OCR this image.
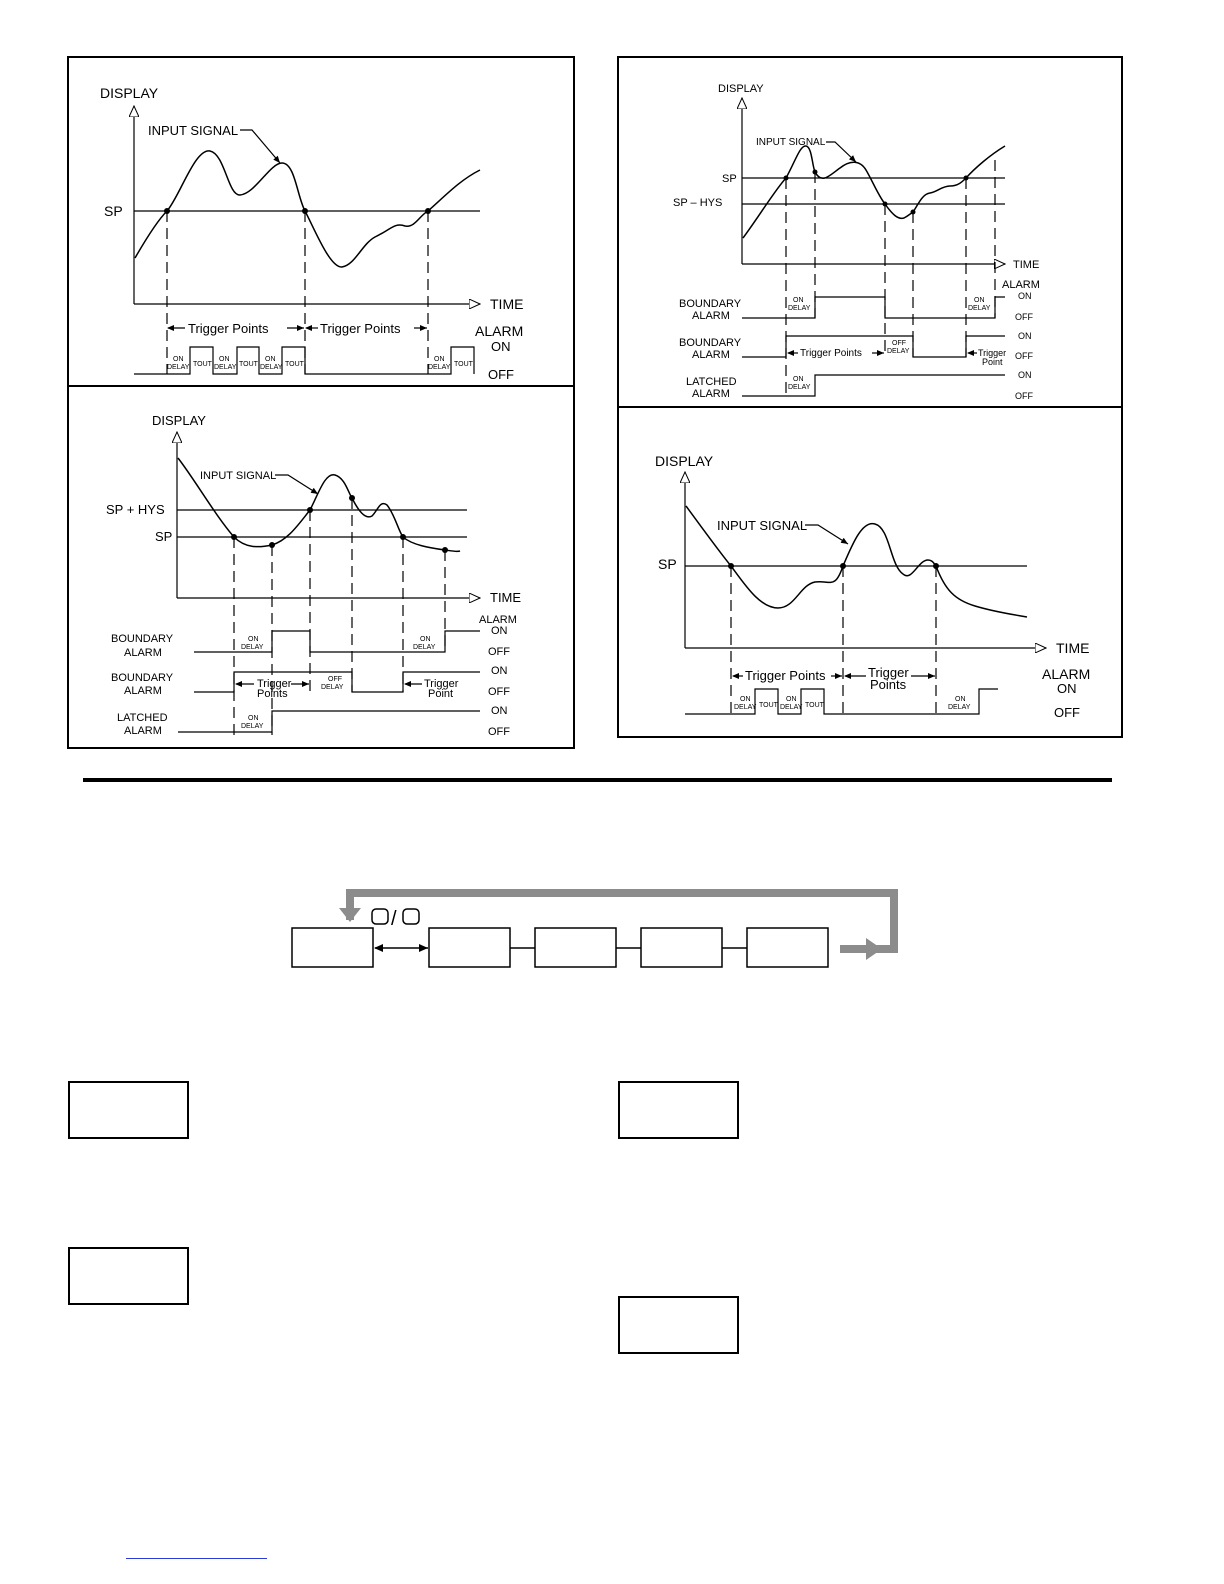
DISPLAY
TIME
SP
INPUT SIGNAL
Trigger Points	Trigger Points	ALARM
ON
OFF
ON
DELAY TOUT
ON
DELAY TOUT
ON
DELAY TOUT
ON
DELAY TOUT
DISPLAY
TIME
SP + HYS
SP
INPUT SIGNAL
ALARM
BOUNDARY
ALARM
ON
DELAY
ON
DELAY
ON
OFF
BOUNDARY
ALARM
Trigger
Points
OFF
DELAY	Trigger
Point
ON
OFF
LATCHED
ALARM
ON
DELAY
ON
OFF
DISPLAY
TIME
SP
SP – HYS
INPUT SIGNAL
ALARM
BOUNDARY
ALARM
ON
DELAY
ON
DELAY
ON
OFF
BOUNDARY
ALARM	Trigger Points
OFF
DELAY	Trigger
Point
ON
OFF
LATCHED
ALARM
ON
DELAY
ON
OFF
DISPLAY
TIME
SP
INPUT SIGNAL
Trigger Points	Trigger
Points
ALARM
ON
OFF
ON
DELAY TOUT
ON
DELAY TOUT
ON
DELAY
/
